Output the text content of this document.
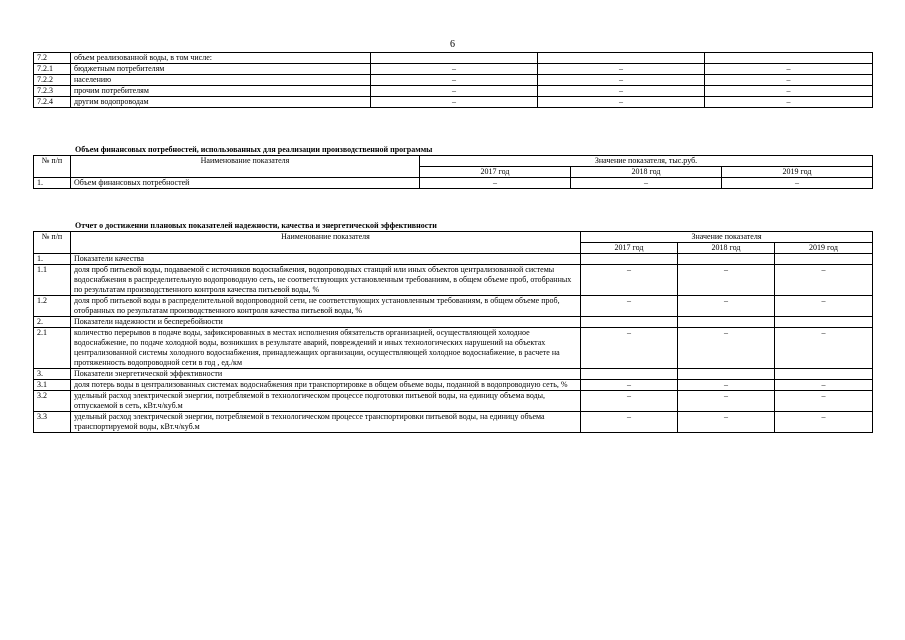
6
7.2	объем реализованной воды, в том числе:			
7.2.1	бюджетным потребителям	–	–	–
7.2.2	населению	–	–	–
7.2.3	прочим потребителям	–	–	–
7.2.4	другим водопроводам	–	–	–
Объем финансовых потребностей, использованных для реализации производственной программы
№ п/п	Наименование показателя	Значение показателя, тыс.руб.		
		2017 год	2018 год	2019 год
1.	Объем финансовых потребностей	–	–	–
Отчет о достижении плановых показателей надежности, качества и энергетической эффективности
№ п/п	Наименование показателя	Значение показателя		
		2017 год	2018 год	2019 год
1.	Показатели качества			
1.1	доля проб питьевой воды, подаваемой с источников водоснабжения, водопроводных станций или иных объектов централизованной системы водоснабжения в распределительную водопроводную сеть, не соответствующих установленным требованиям, в общем объеме проб, отобранных по результатам производственного контроля качества питьевой воды, %	–	–	–
1.2	доля проб питьевой воды в распределительной водопроводной сети, не соответствующих установленным требованиям, в общем объеме проб, отобранных по результатам производственного контроля качества питьевой воды, %	–	–	–
2.	Показатели надежности и бесперебойности			
2.1	количество перерывов в подаче воды, зафиксированных в местах исполнения обязательств организацией, осуществляющей холодное водоснабжение, по подаче холодной воды, возникших в результате аварий, повреждений и иных технологических нарушений на объектах централизованной системы холодного водоснабжения, принадлежащих организации, осуществляющей холодное водоснабжение, в расчете на протяженность водопроводной сети в год , ед./км	–	–	–
3.	Показатели энергетической эффективности			
3.1	доля потерь воды в централизованных системах водоснабжения при транспортировке в общем объеме воды, поданной в водопроводную сеть, %	–	–	–
3.2	удельный расход электрической энергии, потребляемой в технологическом процессе подготовки питьевой воды, на единицу объема воды, отпускаемой в сеть, кВт.ч/куб.м	–	–	–
3.3	удельный расход электрической энергии, потребляемой в технологическом процессе транспортировки питьевой воды, на единицу объема транспортируемой воды, кВт.ч/куб.м	–	–	–
